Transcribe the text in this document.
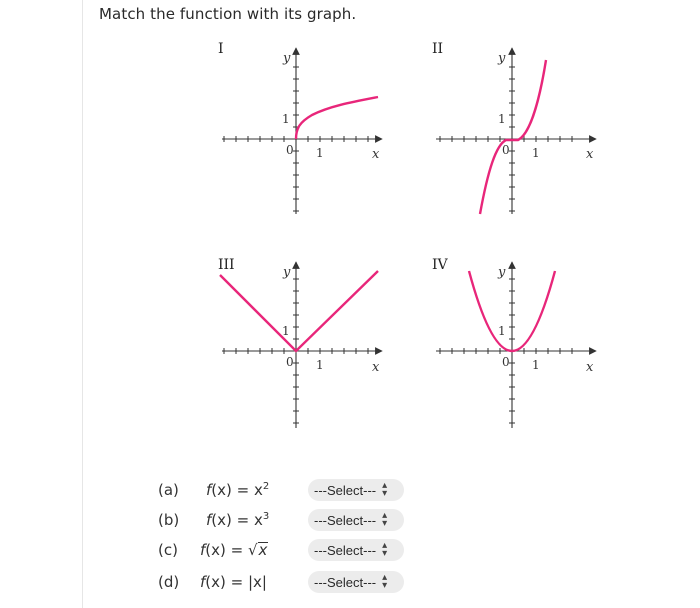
Match the function with its graph.
I
y
x
0 1
1
II
y
x
0 1
1
III	y
x
0 1
1
IV	y
x
0 1
1
(a)	$f(x) = x^2$	---Select--- ▴
▾
(b)	$f(x) = x^3$	---Select--- ▴
▾
(c)	f(x) = √x	---Select--- ▴
▾
(d)	f(x) = |x|	---Select--- ▴
▾
